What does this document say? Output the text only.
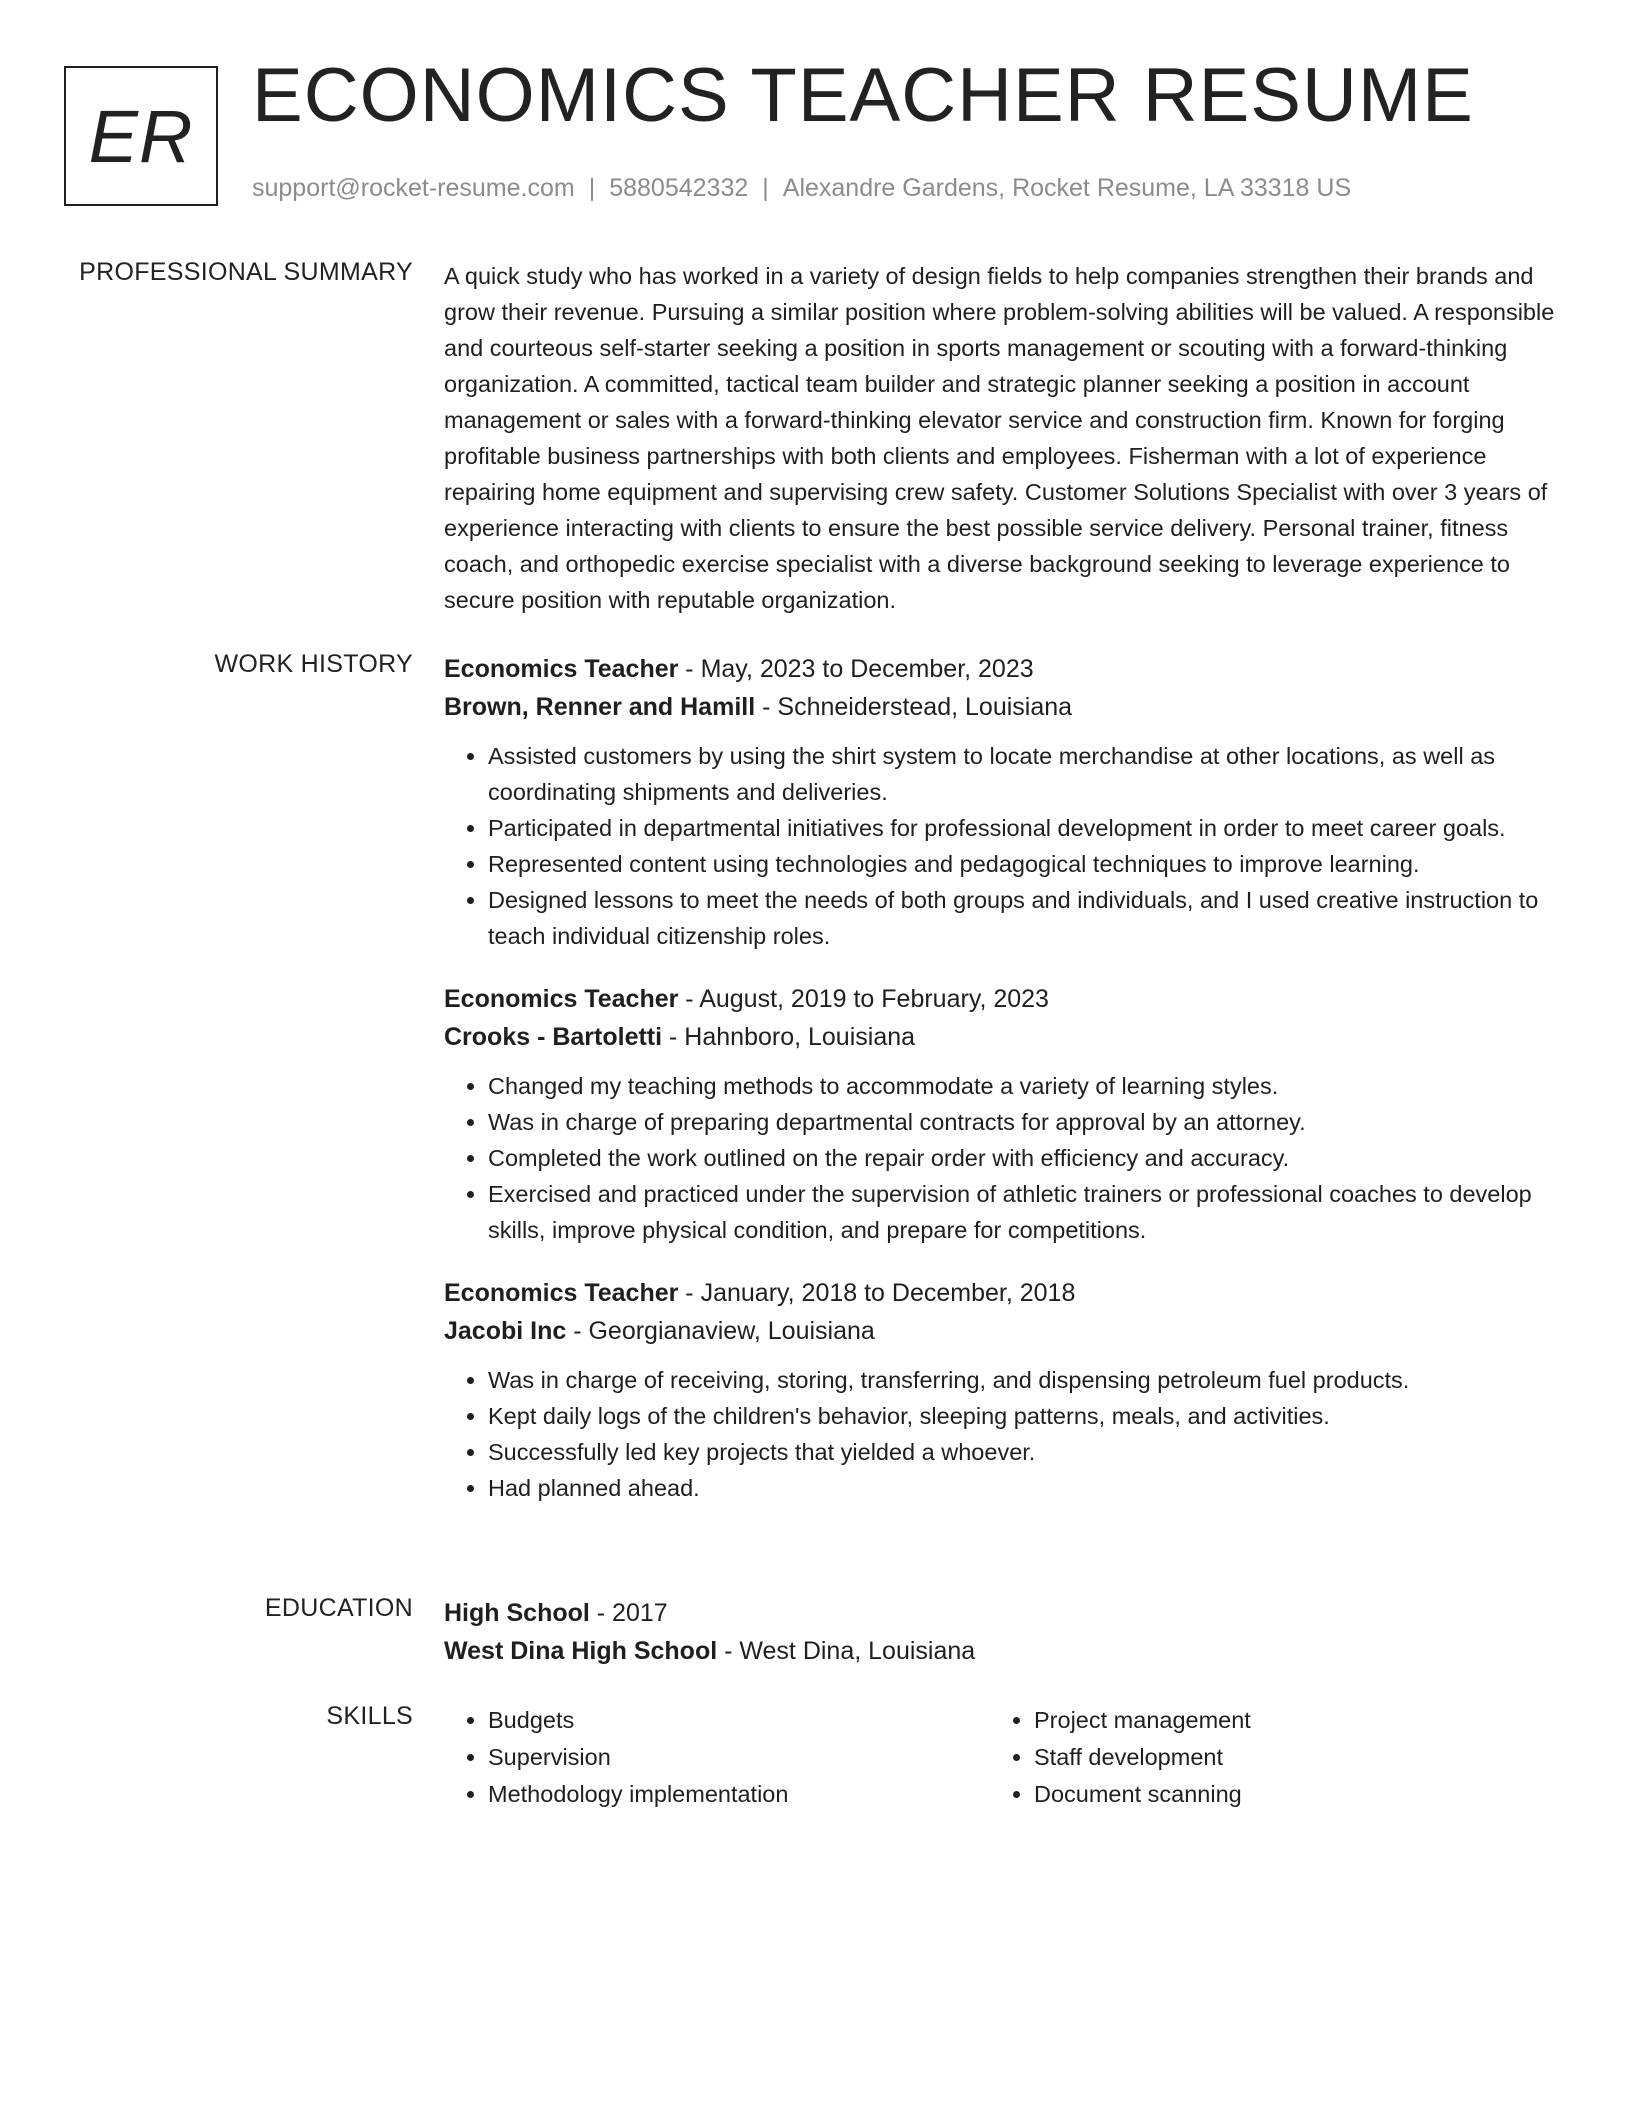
ER ECONOMICS TEACHER RESUME
support@rocket-resume.com | 5880542332 | Alexandre Gardens, Rocket Resume, LA 33318 US
PROFESSIONAL SUMMARY A quick study who has worked in a variety of design fields to help companies strengthen their brands and grow their revenue. Pursuing a similar position where problem-solving abilities will be valued. A responsible and courteous self-starter seeking a position in sports management or scouting with a forward-thinking organization. A committed, tactical team builder and strategic planner seeking a position in account management or sales with a forward-thinking elevator service and construction firm. Known for forging profitable business partnerships with both clients and employees. Fisherman with a lot of experience repairing home equipment and supervising crew safety. Customer Solutions Specialist with over 3 years of experience interacting with clients to ensure the best possible service delivery. Personal trainer, fitness coach, and orthopedic exercise specialist with a diverse background seeking to leverage experience to secure position with reputable organization.

WORK HISTORY Economics Teacher - May, 2023 to December, 2023
Brown, Renner and Hamill - Schneiderstead, Louisiana
• Assisted customers by using the shirt system to locate merchandise at other locations, as well as coordinating shipments and deliveries.
• Participated in departmental initiatives for professional development in order to meet career goals.
• Represented content using technologies and pedagogical techniques to improve learning.
• Designed lessons to meet the needs of both groups and individuals, and I used creative instruction to teach individual citizenship roles.
Economics Teacher - August, 2019 to February, 2023
Crooks - Bartoletti - Hahnboro, Louisiana
• Changed my teaching methods to accommodate a variety of learning styles.
• Was in charge of preparing departmental contracts for approval by an attorney.
• Completed the work outlined on the repair order with efficiency and accuracy.
• Exercised and practiced under the supervision of athletic trainers or professional coaches to develop skills, improve physical condition, and prepare for competitions.
Economics Teacher - January, 2018 to December, 2018
Jacobi Inc - Georgianaview, Louisiana
• Was in charge of receiving, storing, transferring, and dispensing petroleum fuel products.
• Kept daily logs of the children's behavior, sleeping patterns, meals, and activities.
• Successfully led key projects that yielded a whoever.
• Had planned ahead.
EDUCATION High School - 2017
West Dina High School - West Dina, Louisiana
SKILLS
•	Budgets
• Supervision
• Methodology implementation
• Project management
• Staff development
• Document scanning
